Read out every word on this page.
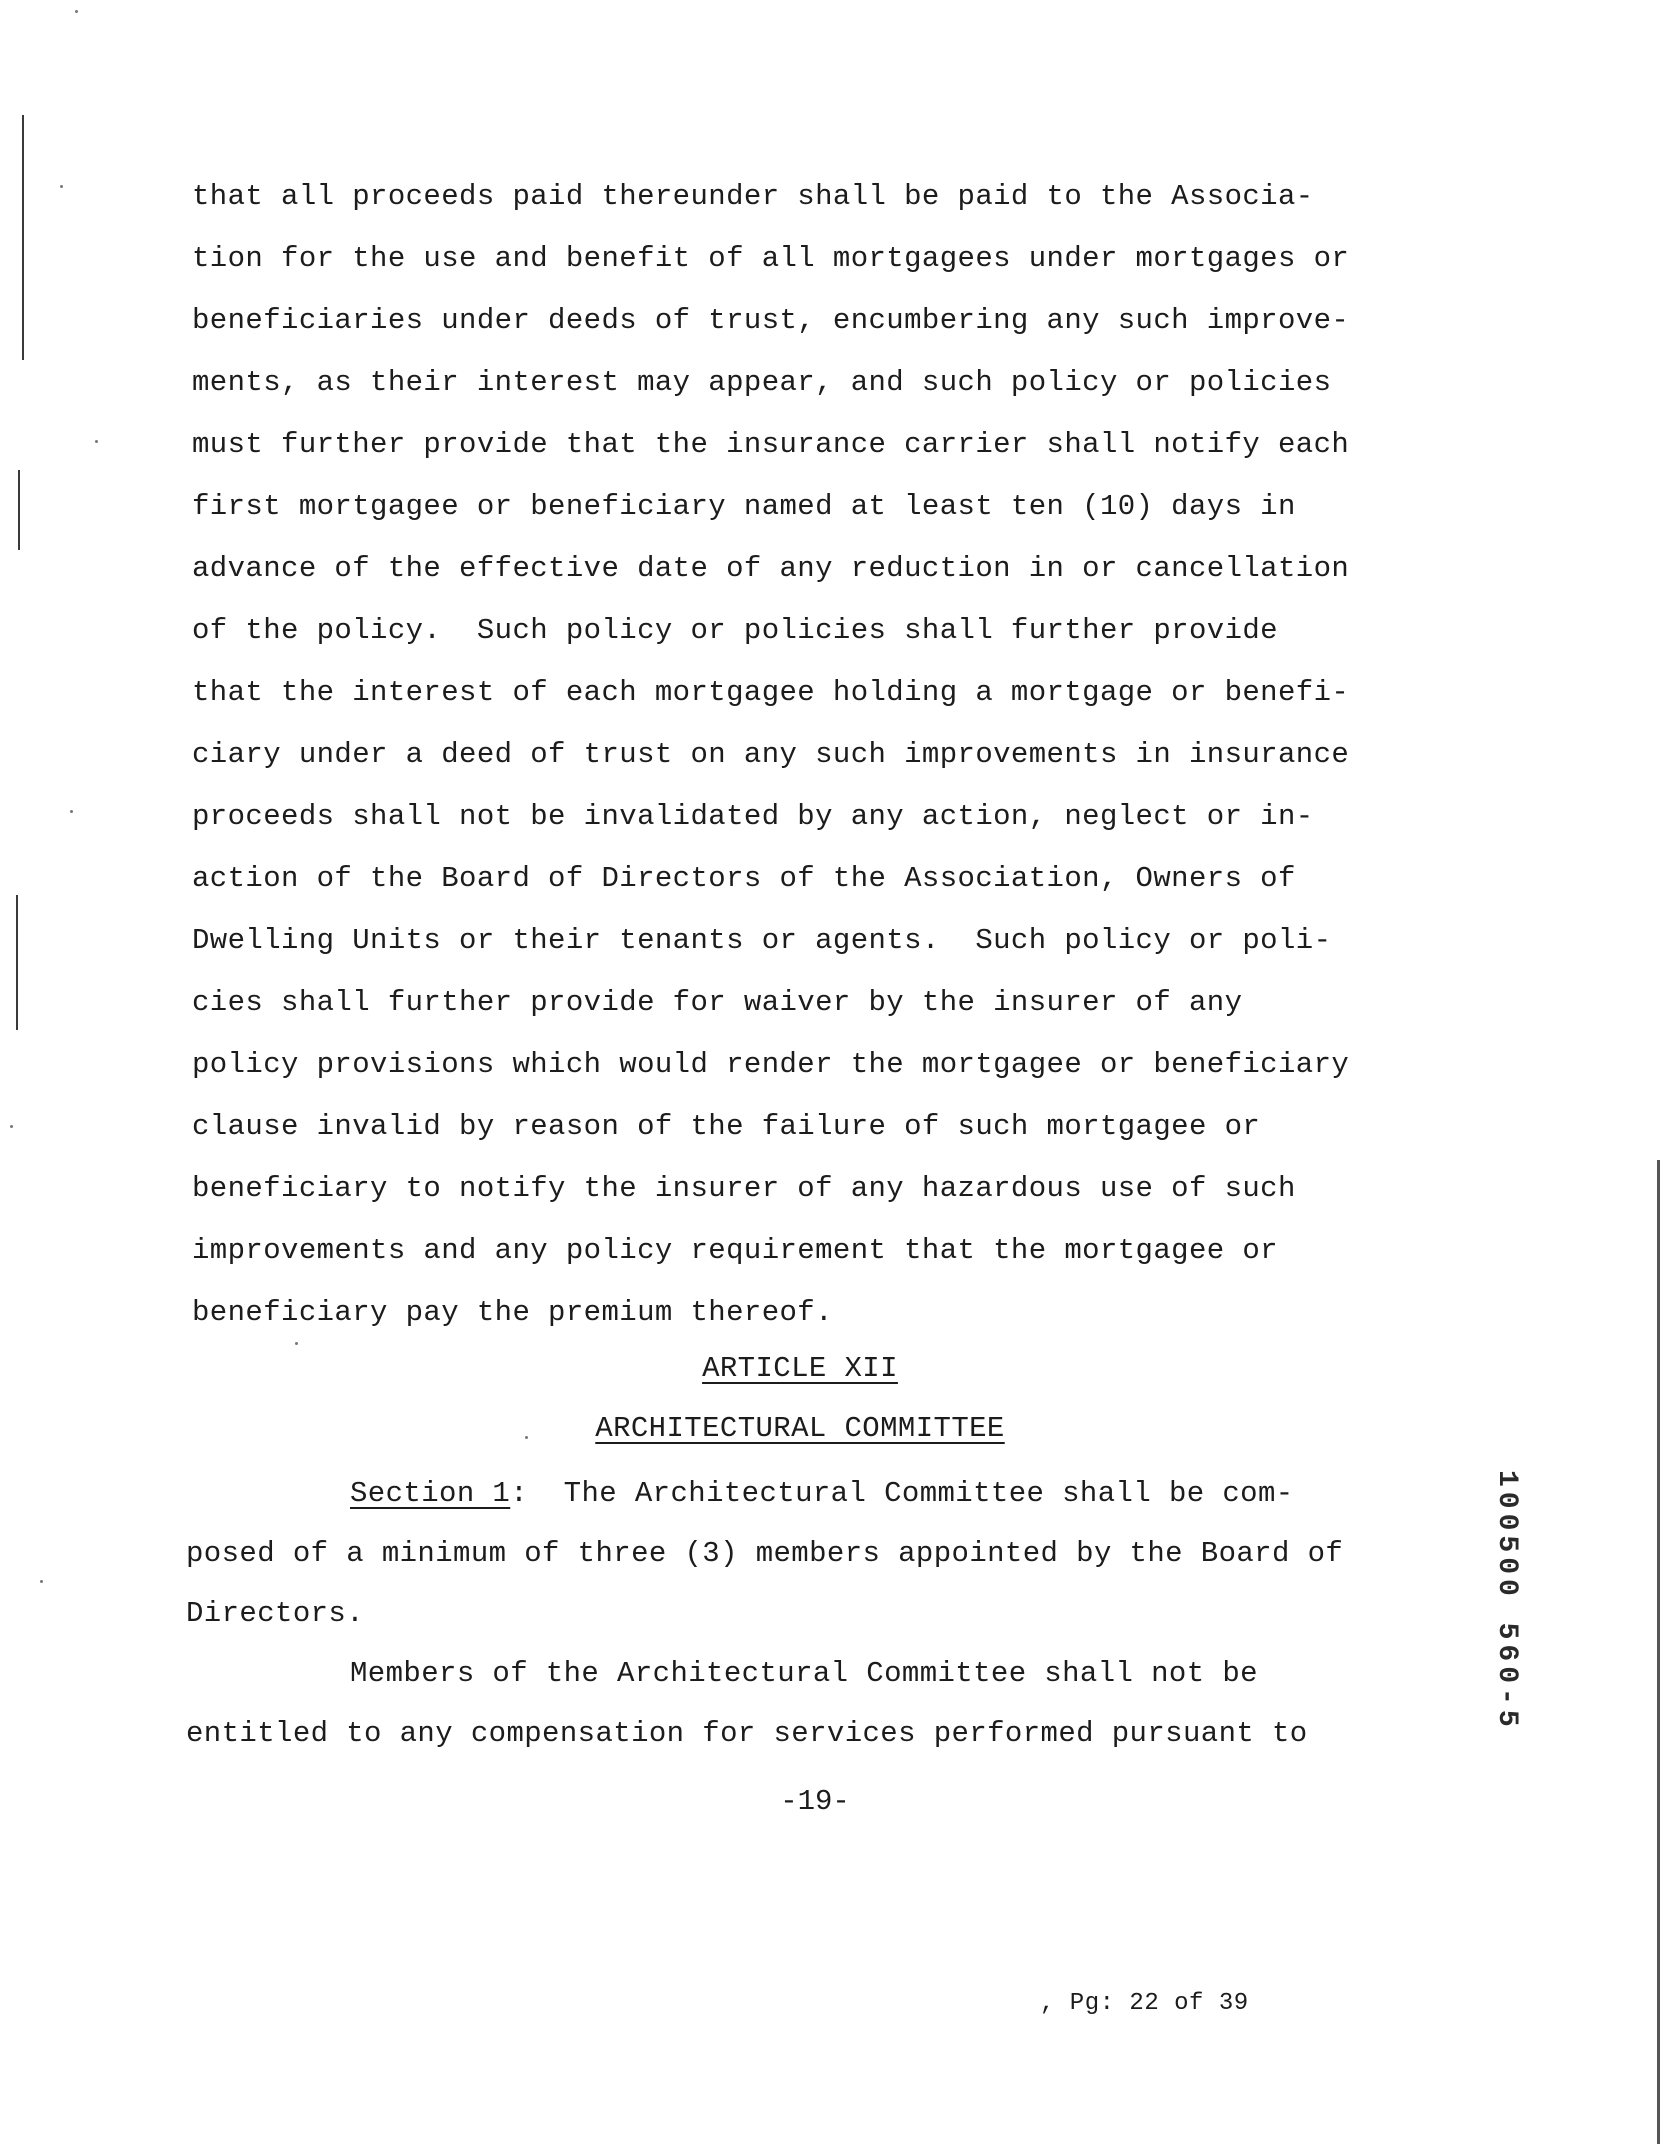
that all proceeds paid thereunder shall be paid to the Associa-
tion for the use and benefit of all mortgagees under mortgages or
beneficiaries under deeds of trust, encumbering any such improve-
ments, as their interest may appear, and such policy or policies
must further provide that the insurance carrier shall notify each
first mortgagee or beneficiary named at least ten (10) days in
advance of the effective date of any reduction in or cancellation
of the policy.  Such policy or policies shall further provide
that the interest of each mortgagee holding a mortgage or benefi-
ciary under a deed of trust on any such improvements in insurance
proceeds shall not be invalidated by any action, neglect or in-
action of the Board of Directors of the Association, Owners of
Dwelling Units or their tenants or agents.  Such policy or poli-
cies shall further provide for waiver by the insurer of any
policy provisions which would render the mortgagee or beneficiary
clause invalid by reason of the failure of such mortgagee or
beneficiary to notify the insurer of any hazardous use of such
improvements and any policy requirement that the mortgagee or
beneficiary pay the premium thereof.
ARTICLE XII
ARCHITECTURAL COMMITTEE
Section 1:  The Architectural Committee shall be com-
posed of a minimum of three (3) members appointed by the Board of
Directors.
Members of the Architectural Committee shall not be
entitled to any compensation for services performed pursuant to
-19-
100500 560-5
, Pg: 22 of 39
